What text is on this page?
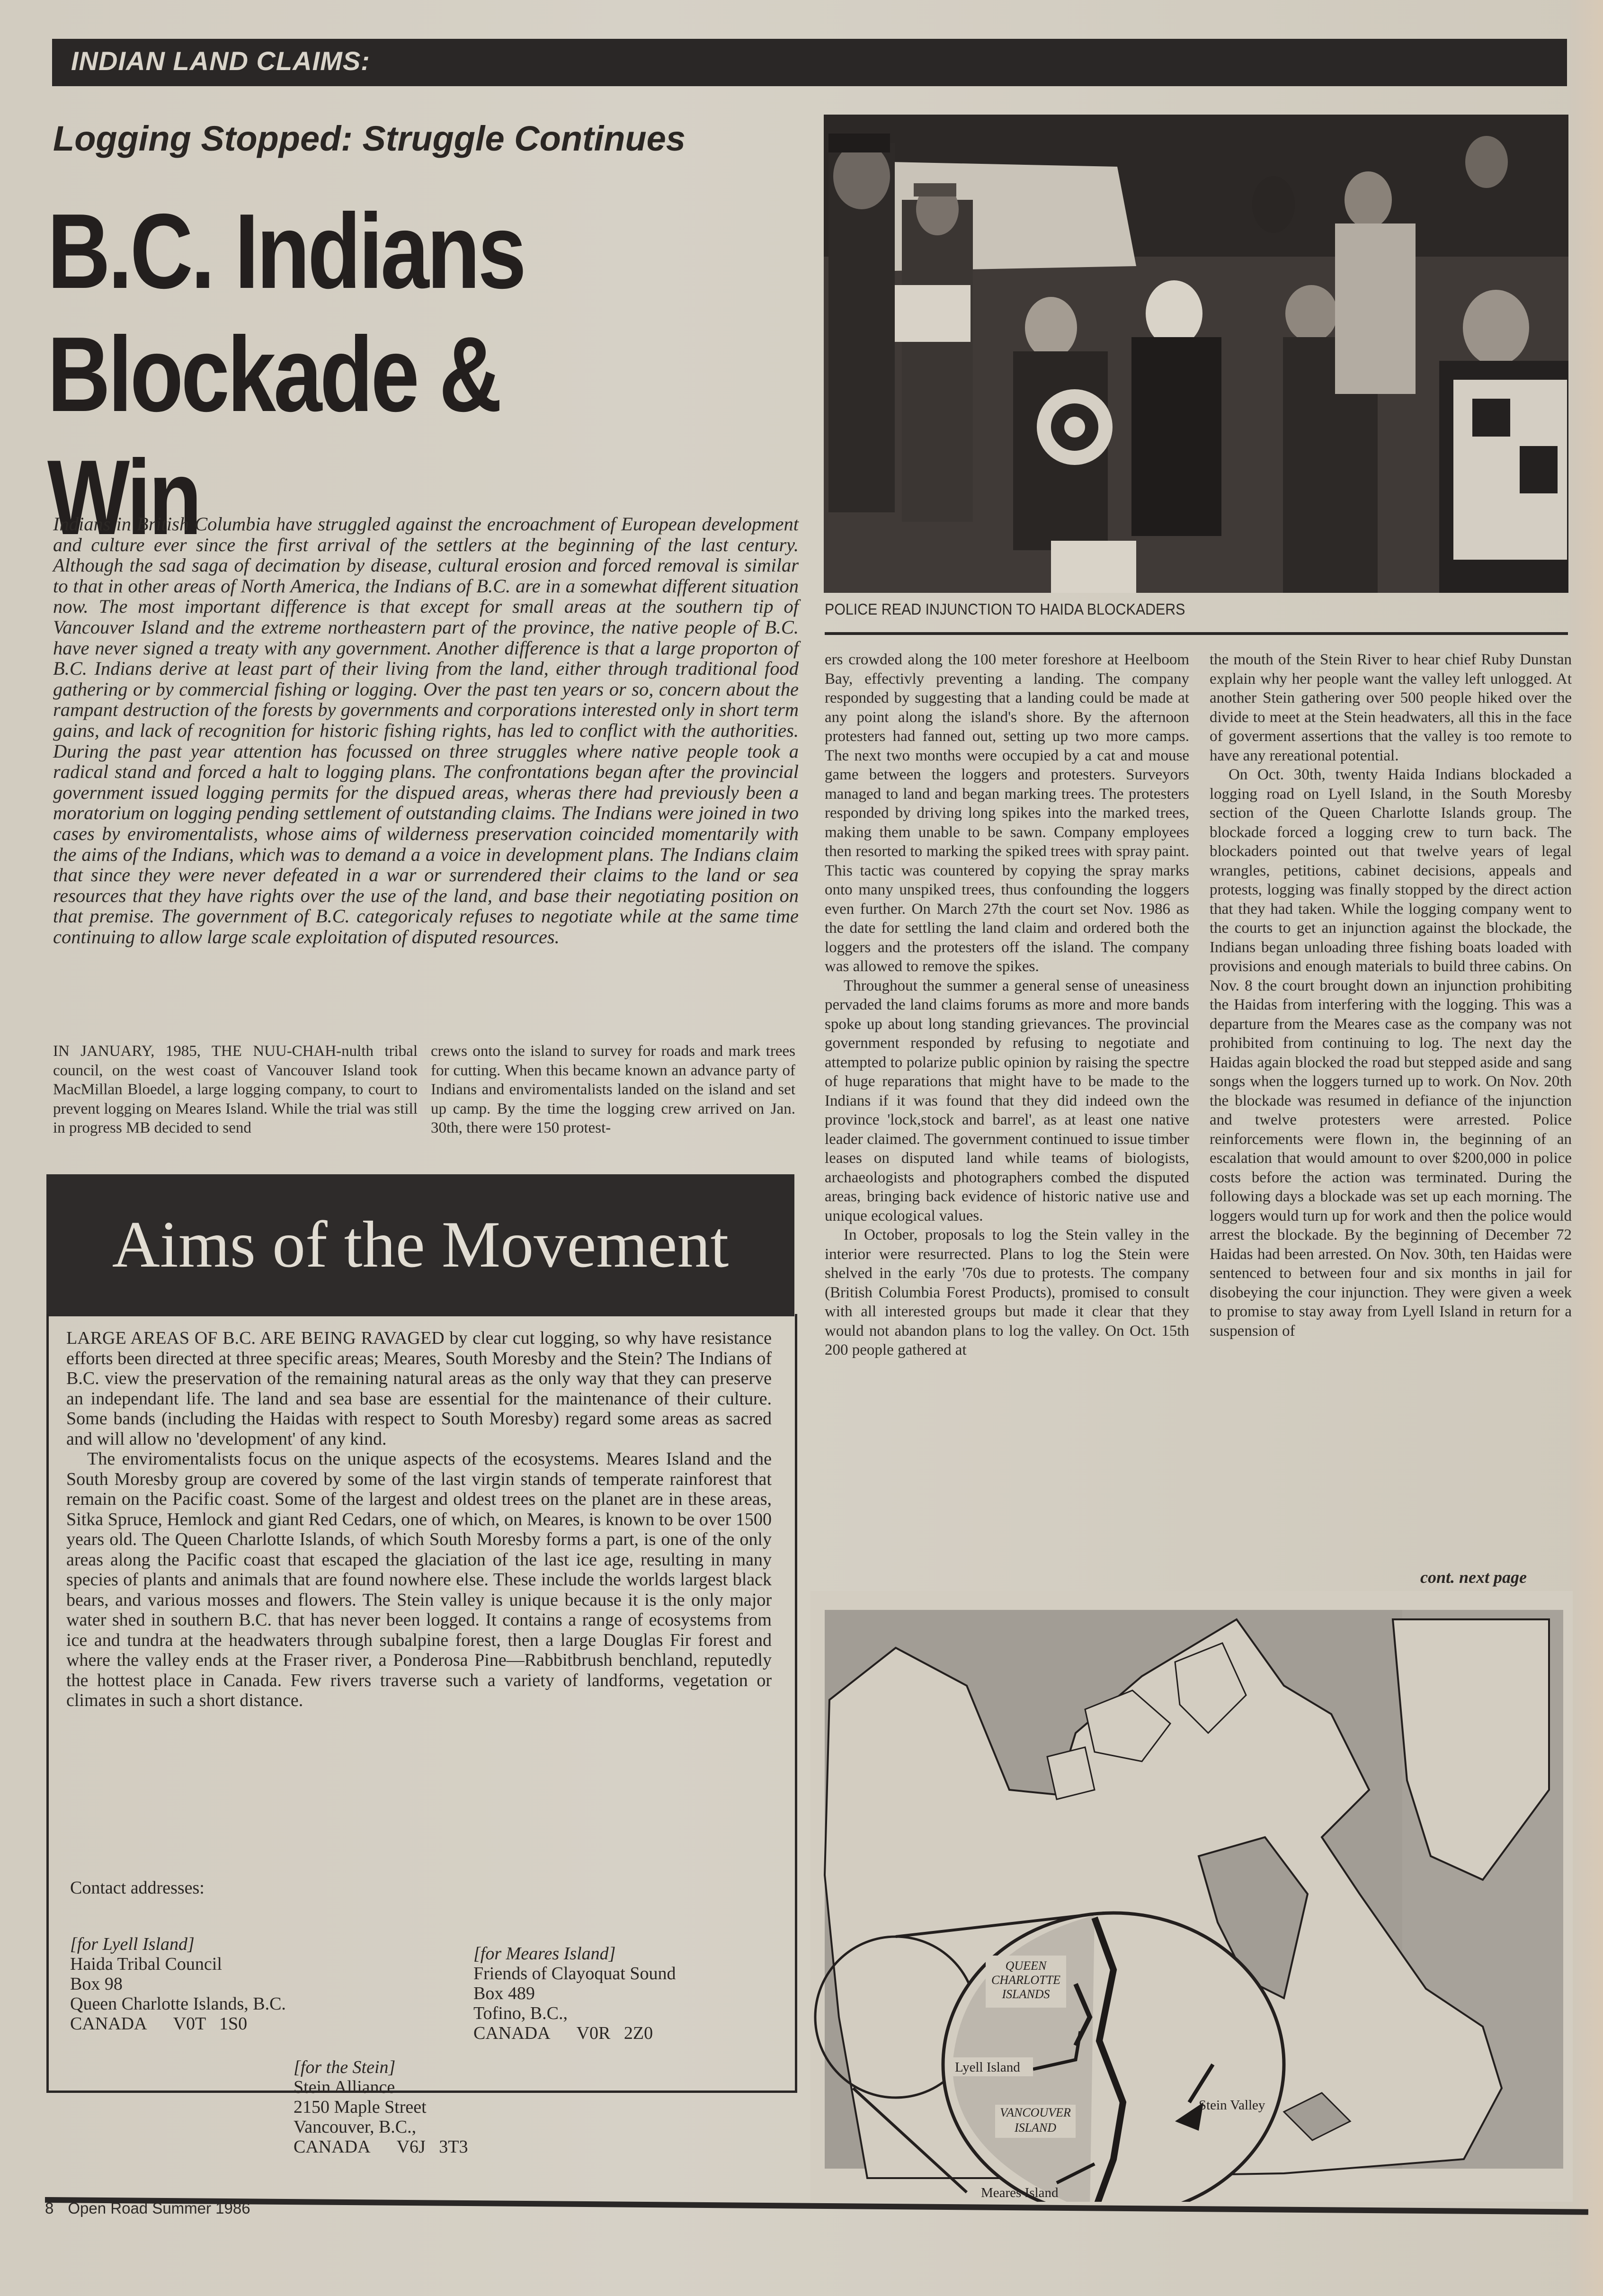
INDIAN LAND CLAIMS:
Logging Stopped: Struggle Continues
B.C. Indians
Blockade & Win
Indians in British Columbia have struggled against the encroachment of European development and culture ever since the first arrival of the settlers at the beginning of the last century. Although the sad saga of decimation by disease, cultural erosion and forced removal is similar to that in other areas of North America, the Indians of B.C. are in a somewhat different situation now. The most important difference is that except for small areas at the southern tip of Vancouver Island and the extreme northeastern part of the province, the native people of B.C. have never signed a treaty with any government. Another difference is that a large proporton of B.C. Indians derive at least part of their living from the land, either through traditional food gathering or by commercial fishing or logging. Over the past ten years or so, concern about the rampant destruction of the forests by governments and corporations interested only in short term gains, and lack of recognition for historic fishing rights, has led to conflict with the authorities. During the past year attention has focussed on three struggles where native people took a radical stand and forced a halt to logging plans. The confrontations began after the provincial government issued logging permits for the dispued areas, wheras there had previously been a moratorium on logging pending settlement of outstanding claims. The Indians were joined in two cases by enviromentalists, whose aims of wilderness preservation coincided momentarily with the aims of the Indians, which was to demand a a voice in development plans. The Indians claim that since they were never defeated in a war or surrendered their claims to the land or sea resources that they have rights over the use of the land, and base their negotiating position on that premise. The government of B.C. categoricaly refuses to negotiate while at the same time continuing to allow large scale exploitation of disputed resources.
POLICE READ INJUNCTION TO HAIDA BLOCKADERS

IN JANUARY, 1985, THE NUU-CHAH-nulth tribal council, on the west coast of Vancouver Island took MacMillan Bloedel, a large logging company, to court to prevent logging on Meares Island. While the trial was still in progress MB decided to send

crews onto the island to survey for roads and mark trees for cutting. When this became known an advance party of Indians and enviromentalists landed on the island and set up camp. By the time the logging crew arrived on Jan. 30th, there were 150 protest-

ers crowded along the 100 meter foreshore at Heelboom Bay, effectivly preventing a landing. The company responded by suggesting that a landing could be made at any point along the island's shore. By the afternoon protesters had fanned out, setting up two more camps. The next two months were occupied by a cat and mouse game between the loggers and protesters. Surveyors managed to land and began marking trees. The protesters responded by driving long spikes into the marked trees, making them unable to be sawn. Company employees then resorted to marking the spiked trees with spray paint. This tactic was countered by copying the spray marks onto many unspiked trees, thus confounding the loggers even further. On March 27th the court set Nov. 1986 as the date for settling the land claim and ordered both the loggers and the protesters off the island. The company was allowed to remove the spikes.

Throughout the summer a general sense of uneasiness pervaded the land claims forums as more and more bands spoke up about long standing grievances. The provincial government responded by refusing to negotiate and attempted to polarize public opinion by raising the spectre of huge reparations that might have to be made to the Indians if it was found that they did indeed own the province 'lock,stock and barrel', as at least one native leader claimed. The government continued to issue timber leases on disputed land while teams of biologists, archaeologists and photographers combed the disputed areas, bringing back evidence of historic native use and unique ecological values.

In October, proposals to log the Stein valley in the interior were resurrected. Plans to log the Stein were shelved in the early '70s due to protests. The company (British Columbia Forest Products), promised to consult with all interested groups but made it clear that they would not abandon plans to log the valley. On Oct. 15th 200 people gathered at

the mouth of the Stein River to hear chief Ruby Dunstan explain why her people want the valley left unlogged. At another Stein gathering over 500 people hiked over the divide to meet at the Stein headwaters, all this in the face of goverment assertions that the valley is too remote to have any rereational potential.

On Oct. 30th, twenty Haida Indians blockaded a logging road on Lyell Island, in the South Moresby section of the Queen Charlotte Islands group. The blockade forced a logging crew to turn back. The blockaders pointed out that twelve years of legal wrangles, petitions, cabinet decisions, appeals and protests, logging was finally stopped by the direct action that they had taken. While the logging company went to the courts to get an injunction against the blockade, the Indians began unloading three fishing boats loaded with provisions and enough materials to build three cabins. On Nov. 8 the court brought down an injunction prohibiting the Haidas from interfering with the logging. This was a departure from the Meares case as the company was not prohibited from continuing to log. The next day the Haidas again blocked the road but stepped aside and sang songs when the loggers turned up to work. On Nov. 20th the blockade was resumed in defiance of the injunction and twelve protesters were arrested. Police reinforcements were flown in, the beginning of an escalation that would amount to over $200,000 in police costs before the action was terminated. During the following days a blockade was set up each morning. The loggers would turn up for work and then the police would arrest the blockade. By the beginning of December 72 Haidas had been arrested. On Nov. 30th, ten Haidas were sentenced to between four and six months in jail for disobeying the cour injunction. They were given a week to promise to stay away from Lyell Island in return for a suspension of

cont. next page
Aims of the Movement

LARGE AREAS OF B.C. ARE BEING RAVAGED by clear cut logging, so why have resistance efforts been directed at three specific areas; Meares, South Moresby and the Stein? The Indians of B.C. view the preservation of the remaining natural areas as the only way that they can preserve an independant life. The land and sea base are essential for the maintenance of their culture. Some bands (including the Haidas with respect to South Moresby) regard some areas as sacred and will allow no 'development' of any kind.

The enviromentalists focus on the unique aspects of the ecosystems. Meares Island and the South Moresby group are covered by some of the last virgin stands of temperate rainforest that remain on the Pacific coast. Some of the largest and oldest trees on the planet are in these areas, Sitka Spruce, Hemlock and giant Red Cedars, one of which, on Meares, is known to be over 1500 years old. The Queen Charlotte Islands, of which South Moresby forms a part, is one of the only areas along the Pacific coast that escaped the glaciation of the last ice age, resulting in many species of plants and animals that are found nowhere else. These include the worlds largest black bears, and various mosses and flowers. The Stein valley is unique because it is the only major water shed in southern B.C. that has never been logged. It contains a range of ecosystems from ice and tundra at the headwaters through subalpine forest, then a large Douglas Fir forest and where the valley ends at the Fraser river, a Ponderosa Pine—Rabbitbrush benchland, reputedly the hottest place in Canada. Few rivers traverse such a variety of landforms, vegetation or climates in such a short distance.

Contact addresses:
[for Lyell Island]
Haida Tribal Council
Box 98
Queen Charlotte Islands, B.C.
CANADA V0T   1S0
[for Meares Island]
Friends of Clayoquat Sound
Box 489
Tofino, B.C.,
CANADA V0R   2Z0
[for the Stein]
Stein Alliance
2150 Maple Street
Vancouver, B.C.,
CANADA V6J   3T3
QUEEN
CHARLOTTE
ISLANDS
Lyell Island
VANCOUVER
ISLAND
Meares Island
Stein Valley
8 Open Road Summer 1986
